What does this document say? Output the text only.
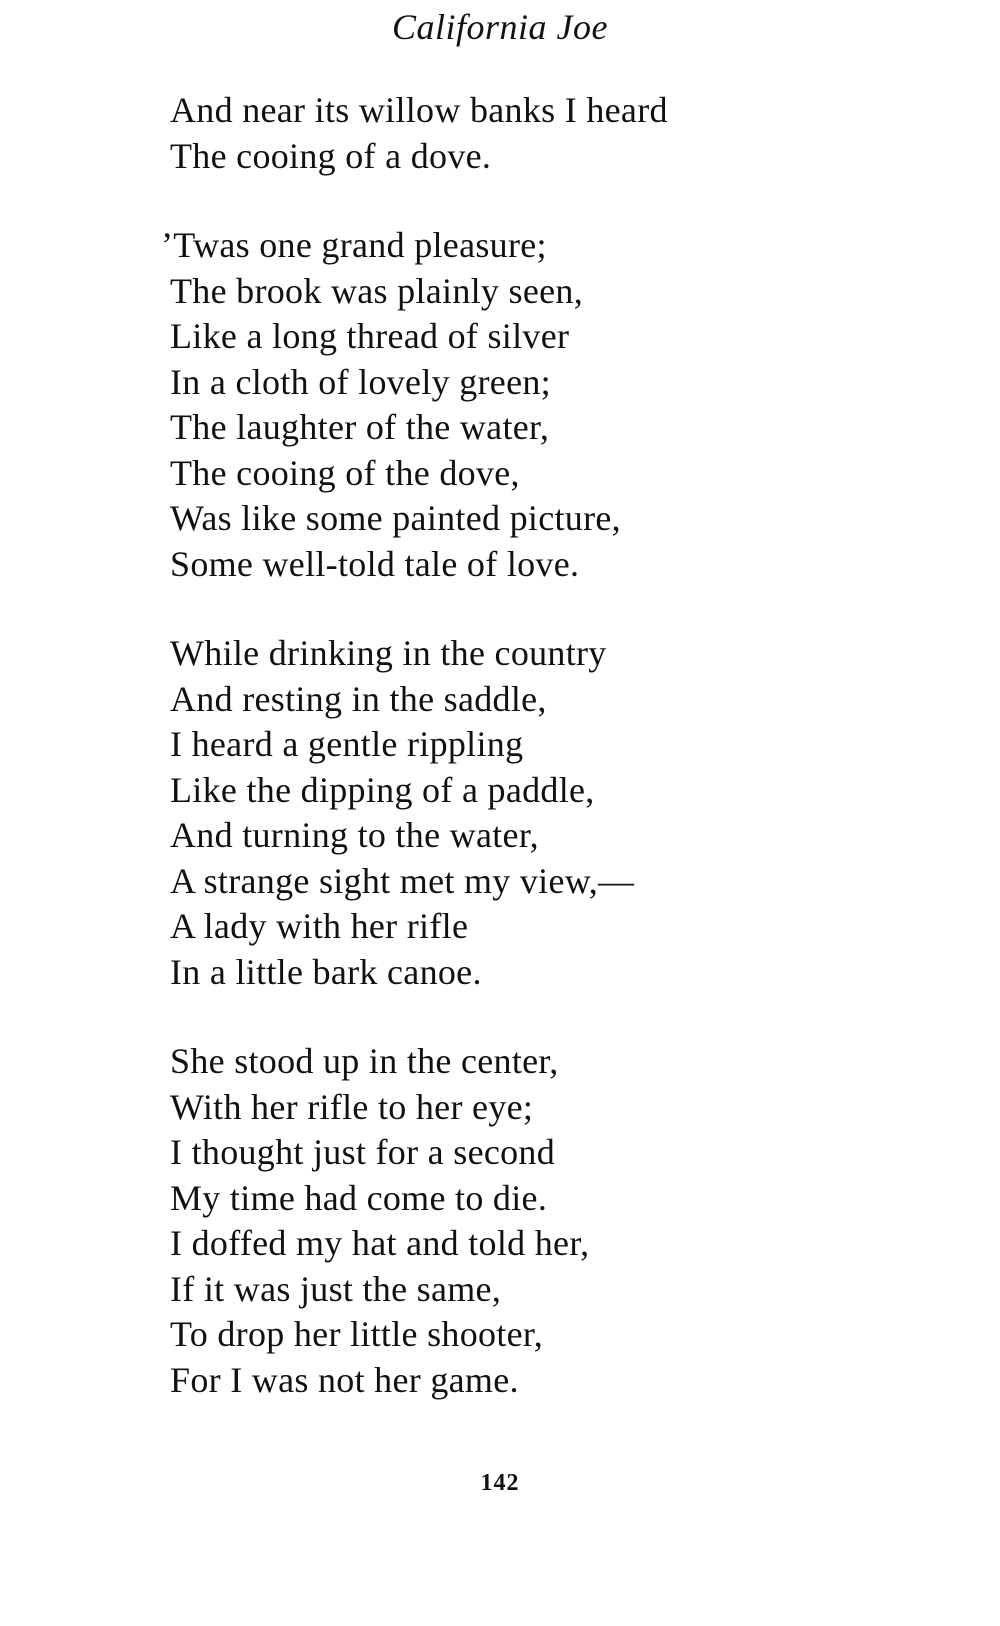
California Joe
And near its willow banks I heard
The cooing of a dove.
’Twas one grand pleasure;
The brook was plainly seen,
Like a long thread of silver
In a cloth of lovely green;
The laughter of the water,
The cooing of the dove,
Was like some painted picture,
Some well-told tale of love.
While drinking in the country
And resting in the saddle,
I heard a gentle rippling
Like the dipping of a paddle,
And turning to the water,
A strange sight met my view,—
A lady with her rifle
In a little bark canoe.
She stood up in the center,
With her rifle to her eye;
I thought just for a second
My time had come to die.
I doffed my hat and told her,
If it was just the same,
To drop her little shooter,
For I was not her game.
142
